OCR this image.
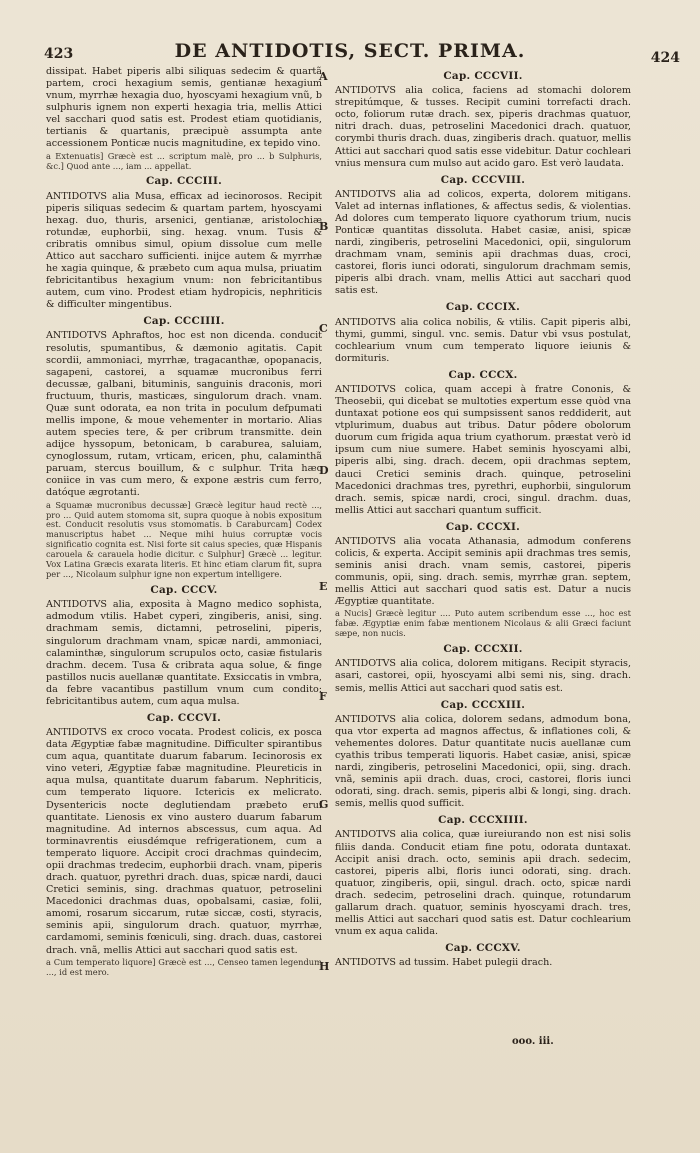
423	DE ANTIDOTIS, SECT. PRIMA.	424
A
B
C
D
E
F
G
H

dissipat. Habet piperis albi siliquas sedecim & quartã partem, croci hexagium semis, gentianæ hexagium vnum, myrrhæ hexagia duo, hyoscyami hexagium vnũ, b sulphuris ignem non experti hexagia tria, mellis Attici vel sacchari quod satis est. Prodest etiam quotidianis, tertianis & quartanis, præcipuè assumpta ante accessionem Ponticæ nucis magnitudine, ex tepido vino.

a Extenuatis] Græcè est ... scriptum malè, pro ... b Sulphuris, &c.] Quod ante ..., iam ... appellat.

Cap. CCCIII.

ANTIDOTVS alia Musa, efficax ad iecinorosos. Recipit piperis siliquas sedecim & quartam partem, hyoscyami hexag. duo, thuris, arsenici, gentianæ, aristolochiæ rotundæ, euphorbii, sing. hexag. vnum. Tusis & cribratis omnibus simul, opium dissolue cum melle Attico aut saccharo sufficienti. inijce autem & myrrhæ he xagia quinque, & præbeto cum aqua mulsa, priuatim febricitantibus hexagium vnum: non febricitantibus autem, cum vino. Prodest etiam hydropicis, nephriticis & difficulter mingentibus.

Cap. CCCIIII.

ANTIDOTVS Aphraftos, hoc est non dicenda. conducit resolutis, spumantibus, & dæmonio agitatis. Capit scordii, ammoniaci, myrrhæ, tragacanthæ, opopanacis, sagapeni, castorei, a squamæ mucronibus ferri decussæ, galbani, bituminis, sanguinis draconis, mori fructuum, thuris, masticæs, singulorum drach. vnam. Quæ sunt odorata, ea non trita in poculum defpumati mellis impone, & moue vehementer in mortario. Alias autem species tere, & per cribrum transmitte. dein adijce hyssopum, betonicam, b caraburea, saluiam, cynoglossum, rutam, vrticam, ericen, phu, calaminthã paruam, stercus bouillum, & c sulphur. Trita hæc coniice in vas cum mero, & expone æstris cum ferro, datóque ægrotanti.

a Squamæ mucronibus decussæ] Græcè legitur haud rectè ..., pro ... Quid autem stomoma sit, supra quoque à nobis expositum est. Conducit resolutis vsus stomomatis. b Caraburcam] Codex manuscriptus habet ... Neque mihi huius corruptæ vocis significatio cognita est. Nisi forte sit caius species, quæ Hispanis carouela & carauela hodie dicitur. c Sulphur] Græcè ... legitur. Vox Latina Græcis exarata literis. Et hinc etiam clarum fit, supra per ..., Nicolaum sulphur igne non expertum intelligere.

Cap. CCCV.

ANTIDOTVS alia, exposita à Magno medico sophista, admodum vtilis. Habet cyperi, zingiberis, anisi, sing. drachmam semis, dictamni, petroselini, piperis, singulorum drachmam vnam, spicæ nardi, ammoniaci, calaminthæ, singulorum scrupulos octo, casiæ fistularis drachm. decem. Tusa & cribrata aqua solue, & finge pastillos nucis auellanæ quantitate. Exsiccatis in vmbra, da febre vacantibus pastillum vnum cum condito: febricitantibus autem, cum aqua mulsa.

Cap. CCCVI.

ANTIDOTVS ex croco vocata. Prodest colicis, ex posca data Ægyptiæ fabæ magnitudine. Difficulter spirantibus cum aqua, quantitate duarum fabarum. Iecinorosis ex vino veteri, Ægyptiæ fabæ magnitudine. Pleureticis in aqua mulsa, quantitate duarum fabarum. Nephriticis, cum temperato liquore. Ictericis ex melicrato. Dysentericis nocte deglutiendam præbeto erui quantitate. Lienosis ex vino austero duarum fabarum magnitudine. Ad internos abscessus, cum aqua. Ad torminavrentis eiusdémque refrigerationem, cum a temperato liquore. Accipit croci drachmas quindecim, opii drachmas tredecim, euphorbii drach. vnam, piperis drach. quatuor, pyrethri drach. duas, spicæ nardi, dauci Cretici seminis, sing. drachmas quatuor, petroselini Macedonici drachmas duas, opobalsami, casiæ, folii, amomi, rosarum siccarum, rutæ siccæ, costi, styracis, seminis apii, singulorum drach. quatuor, myrrhæ, cardamomi, seminis fœniculi, sing. drach. duas, castorei drach. vnã, mellis Attici aut sacchari quod satis est.

a Cum temperato liquore] Græcè est ..., Censeo tamen legendum ..., id est mero.

Cap. CCCVII.

ANTIDOTVS alia colica, faciens ad stomachi dolorem strepitúmque, & tusses. Recipit cumini torrefacti drach. octo, foliorum rutæ drach. sex, piperis drachmas quatuor, nitri drach. duas, petroselini Macedonici drach. quatuor, corymbi thuris drach. duas, zingiberis drach. quatuor, mellis Attici aut sacchari quod satis esse videbitur. Datur cochleari vnius mensura cum mulso aut acido garo. Est verò laudata.

Cap. CCCVIII.

ANTIDOTVS alia ad colicos, experta, dolorem mitigans. Valet ad internas inflationes, & affectus sedis, & violentias. Ad dolores cum temperato liquore cyathorum trium, nucis Ponticæ quantitas dissoluta. Habet casiæ, anisi, spicæ nardi, zingiberis, petroselini Macedonici, opii, singulorum drachmam vnam, seminis apii drachmas duas, croci, castorei, floris iunci odorati, singulorum drachmam semis, piperis albi drach. vnam, mellis Attici aut sacchari quod satis est.

Cap. CCCIX.

ANTIDOTVS alia colica nobilis, & vtilis. Capit piperis albi, thymi, gummi, singul. vnc. semis. Datur vbi vsus postulat, cochlearium vnum cum temperato liquore ieiunis & dormituris.

Cap. CCCX.

ANTIDOTVS colica, quam accepi à fratre Cononis, & Theosebii, qui dicebat se multoties expertum esse quòd vna duntaxat potione eos qui sumpsissent sanos reddiderit, aut vtplurimum, duabus aut tribus. Datur pôdere obolorum duorum cum frigida aqua trium cyathorum. præstat verò id ipsum cum niue sumere. Habet seminis hyoscyami albi, piperis albi, sing. drach. decem, opii drachmas septem, dauci Cretici seminis drach. quinque, petroselini Macedonici drachmas tres, pyrethri, euphorbii, singulorum drach. semis, spicæ nardi, croci, singul. drachm. duas, mellis Attici aut sacchari quantum sufficit.

Cap. CCCXI.

ANTIDOTVS alia vocata Athanasia, admodum conferens colicis, & experta. Accipit seminis apii drachmas tres semis, seminis anisi drach. vnam semis, castorei, piperis communis, opii, sing. drach. semis, myrrhæ gran. septem, mellis Attici aut sacchari quod satis est. Datur a nucis Ægyptiæ quantitate.

a Nucis] Græcè legitur .... Puto autem scribendum esse ..., hoc est fabæ. Ægyptiæ enim fabæ mentionem Nicolaus & alii Græci faciunt sæpe, non nucis.

Cap. CCCXII.

ANTIDOTVS alia colica, dolorem mitigans. Recipit styracis, asari, castorei, opii, hyoscyami albi semi nis, sing. drach. semis, mellis Attici aut sacchari quod satis est.

Cap. CCCXIII.

ANTIDOTVS alia colica, dolorem sedans, admodum bona, qua vtor experta ad magnos affectus, & inflationes coli, & vehementes dolores. Datur quantitate nucis auellanæ cum cyathis tribus temperati liquoris. Habet casiæ, anisi, spicæ nardi, zingiberis, petroselini Macedonici, opii, sing. drach. vnã, seminis apii drach. duas, croci, castorei, floris iunci odorati, sing. drach. semis, piperis albi & longi, sing. drach. semis, mellis quod sufficit.

Cap. CCCXIIII.

ANTIDOTVS alia colica, quæ iureiurando non est nisi solis filiis danda. Conducit etiam fine potu, odorata duntaxat. Accipit anisi drach. octo, seminis apii drach. sedecim, castorei, piperis albi, floris iunci odorati, sing. drach. quatuor, zingiberis, opii, singul. drach. octo, spicæ nardi drach. sedecim, petroselini drach. quinque, rotundarum gallarum drach. quatuor, seminis hyoscyami drach. tres, mellis Attici aut sacchari quod satis est. Datur cochlearium vnum ex aqua calida.

Cap. CCCXV.

ANTIDOTVS ad tussim. Habet pulegii drach.

ooo. iii.
